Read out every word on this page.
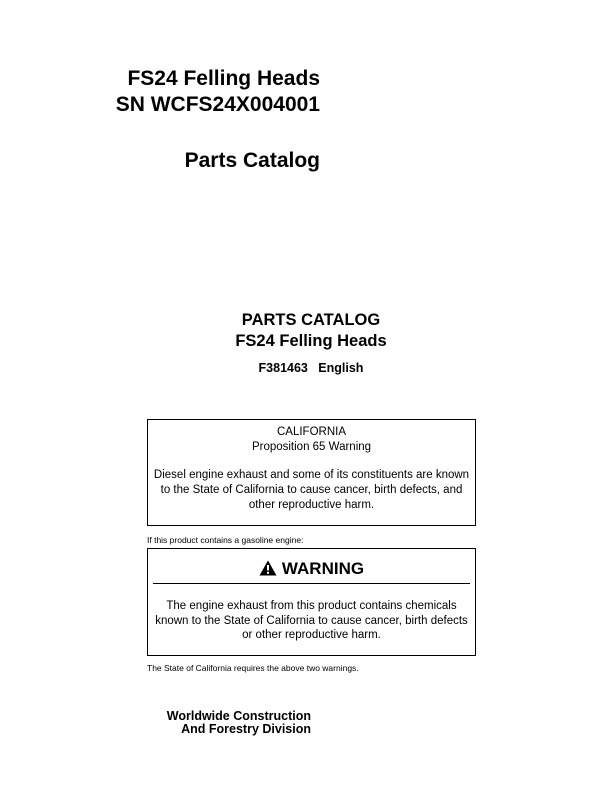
FS24 Felling Heads
SN WCFS24X004001
Parts Catalog
PARTS CATALOG
FS24 Felling Heads
F381463   English
CALIFORNIA
Proposition 65 Warning
Diesel engine exhaust and some of its constituents are known to the State of California to cause cancer, birth defects, and other reproductive harm.
If this product contains a gasoline engine:
WARNING
The engine exhaust from this product contains chemicals known to the State of California to cause cancer, birth defects or other reproductive harm.
The State of California requires the above two warnings.
Worldwide Construction
And Forestry Division
